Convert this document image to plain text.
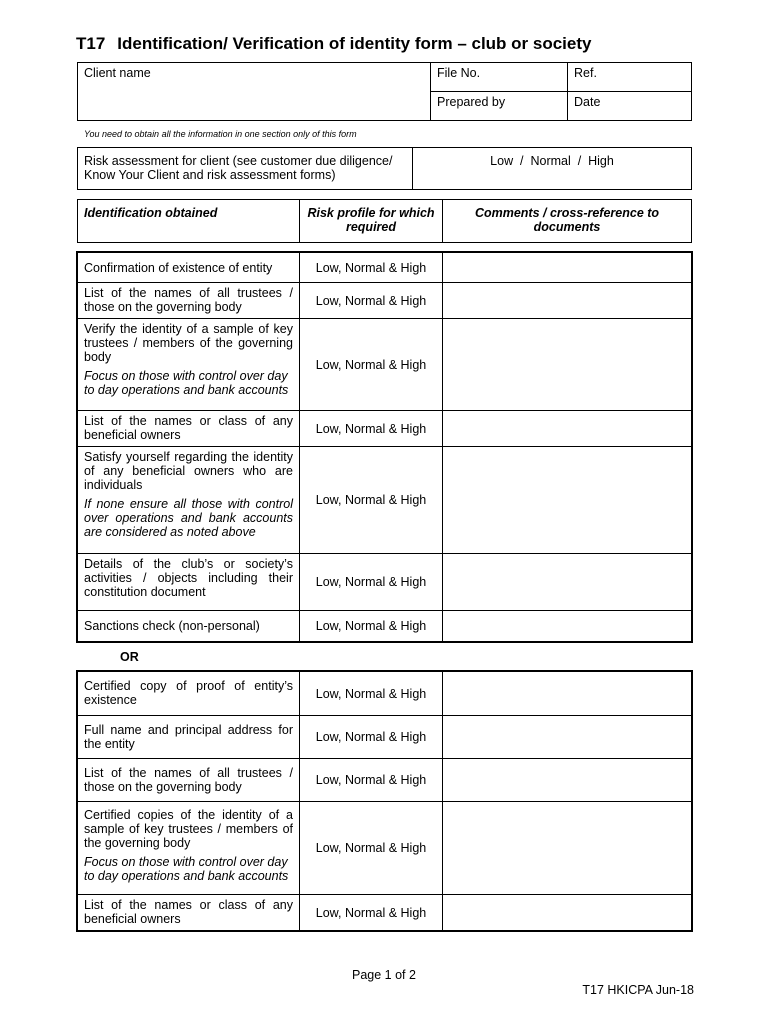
T17 Identification/ Verification of identity form – club or society
Client name	File No.	Ref.
	Prepared by	Date
You need to obtain all the information in one section only of this form
Risk assessment for client (see customer due diligence/ Know Your Client and risk assessment forms)	Low  /  Normal  /  High
Identification obtained	Risk profile for which required	Comments / cross-reference to documents
Confirmation of existence of entity	Low, Normal & High	
List of the names of all trustees / those on the governing body	Low, Normal & High	

Verify the identity of a sample of key trustees / members of the governing body
Focus on those with control over day to day operations and bank accounts	Low, Normal & High	
List of the names or class of any beneficial owners	Low, Normal & High	

Satisfy yourself regarding the identity of any beneficial owners who are individuals
If none ensure all those with control over operations and bank accounts are considered as noted above	Low, Normal & High	
Details of the club’s or society’s activities / objects including their constitution document	Low, Normal & High	
Sanctions check (non-personal)	Low, Normal & High	
OR
Certified copy of proof of entity’s existence	Low, Normal & High	
Full name and principal address for the entity	Low, Normal & High	
List of the names of all trustees / those on the governing body	Low, Normal & High	

Certified copies of the identity of a sample of key trustees / members of the governing body
Focus on those with control over day to day operations and bank accounts	Low, Normal & High	
List of the names or class of any beneficial owners	Low, Normal & High	
Page 1 of 2
T17 HKICPA Jun-18
